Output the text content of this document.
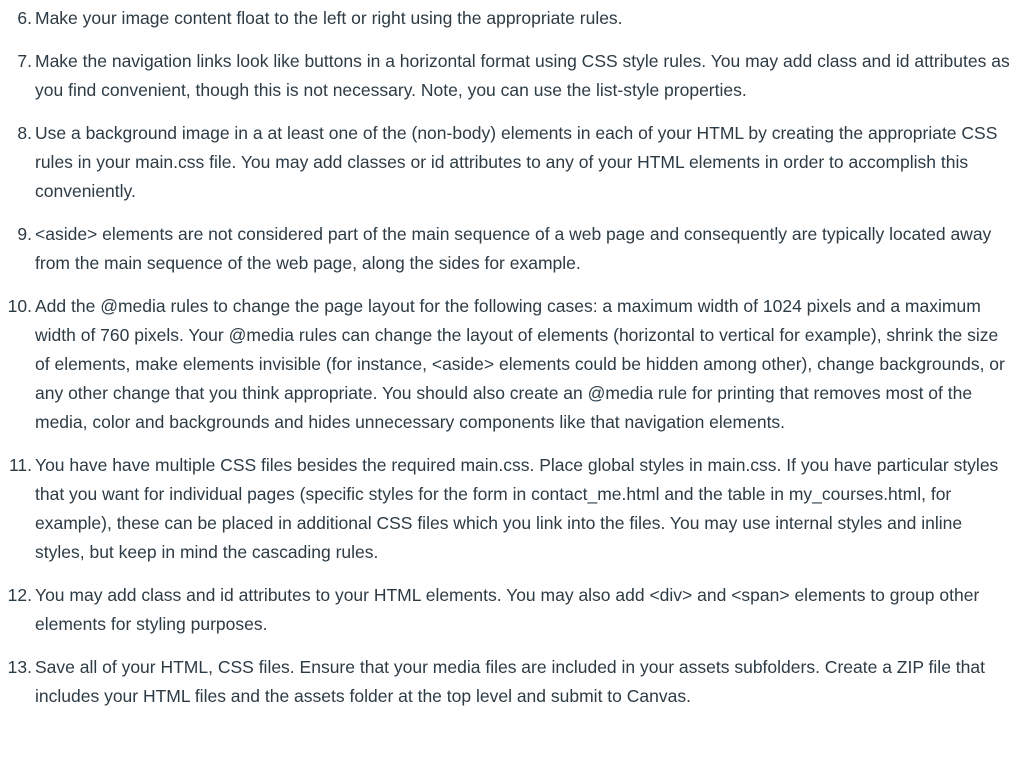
6. Make your image content float to the left or right using the appropriate rules.
7. Make the navigation links look like buttons in a horizontal format using CSS style rules. You may add class and id attributes as you find convenient, though this is not necessary. Note, you can use the list-style properties.
8. Use a background image in a at least one of the (non-body) elements in each of your HTML by creating the appropriate CSS rules in your main.css file. You may add classes or id attributes to any of your HTML elements in order to accomplish this conveniently.
9. <aside> elements are not considered part of the main sequence of a web page and consequently are typically located away from the main sequence of the web page, along the sides for example.
10. Add the @media rules to change the page layout for the following cases: a maximum width of 1024 pixels and a maximum width of 760 pixels. Your @media rules can change the layout of elements (horizontal to vertical for example), shrink the size of elements, make elements invisible (for instance, <aside> elements could be hidden among other), change backgrounds, or any other change that you think appropriate. You should also create an @media rule for printing that removes most of the media, color and backgrounds and hides unnecessary components like that navigation elements.
11. You have have multiple CSS files besides the required main.css. Place global styles in main.css. If you have particular styles that you want for individual pages (specific styles for the form in contact_me.html and the table in my_courses.html, for example), these can be placed in additional CSS files which you link into the files. You may use internal styles and inline styles, but keep in mind the cascading rules.
12. You may add class and id attributes to your HTML elements. You may also add <div> and <span> elements to group other elements for styling purposes.
13. Save all of your HTML, CSS files. Ensure that your media files are included in your assets subfolders. Create a ZIP file that includes your HTML files and the assets folder at the top level and submit to Canvas.
